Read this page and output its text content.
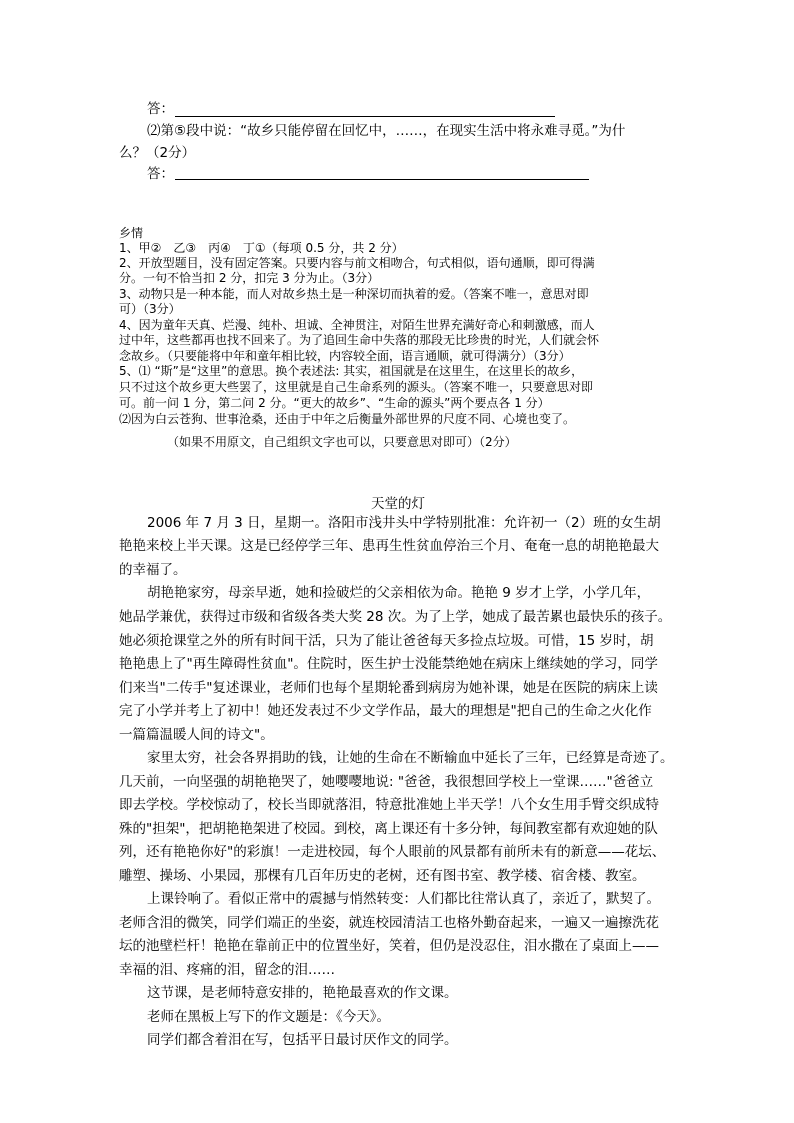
答：
⑵第⑤段中说：“故乡只能停留在回忆中，……，在现实生活中将永难寻觅。”为什
么？（2分）
答：
乡情
1、甲②　乙③　丙④　丁①（每项 0.5 分，共 2 分）
2、开放型题目，没有固定答案。只要内容与前文相吻合，句式相似，语句通顺，即可得满
分。一句不恰当扣 2 分，扣完 3 分为止。（3分）
3、动物只是一种本能，而人对故乡热土是一种深切而执着的爱。（答案不唯一，意思对即
可）（3分）
4、因为童年天真、烂漫、纯朴、坦诚、全神贯注，对陌生世界充满好奇心和刺激感，而人
过中年，这些都再也找不回来了。为了追回生命中失落的那段无比珍贵的时光，人们就会怀
念故乡。（只要能将中年和童年相比较，内容较全面，语言通顺，就可得满分）（3分）
5、⑴ “斯”是“这里”的意思。换个表述法: 其实，祖国就是在这里生，在这里长的故乡，
只不过这个故乡更大些罢了，这里就是自己生命系列的源头。（答案不唯一，只要意思对即
可。前一问 1 分，第二问 2 分。“更大的故乡”、“生命的源头”两个要点各 1 分）
⑵因为白云苍狗、世事沧桑，还由于中年之后衡量外部世界的尺度不同、心境也变了。
（如果不用原文，自己组织文字也可以，只要意思对即可）（2分）
天堂的灯
2006 年 7 月 3 日，星期一。洛阳市浅井头中学特别批准：允许初一（2）班的女生胡
艳艳来校上半天课。这是已经停学三年、患再生性贫血停治三个月、奄奄一息的胡艳艳最大
的幸福了。
胡艳艳家穷，母亲早逝，她和捡破烂的父亲相依为命。艳艳 9 岁才上学，小学几年，
她品学兼优，获得过市级和省级各类大奖 28 次。为了上学，她成了最苦累也最快乐的孩子。
她必须抢课堂之外的所有时间干活，只为了能让爸爸每天多捡点垃圾。可惜，15 岁时，胡
艳艳患上了"再生障碍性贫血"。住院时，医生护士没能禁绝她在病床上继续她的学习，同学
们来当"二传手"复述课业，老师们也每个星期轮番到病房为她补课，她是在医院的病床上读
完了小学并考上了初中！她还发表过不少文学作品，最大的理想是"把自己的生命之火化作
一篇篇温暖人间的诗文"。
家里太穷，社会各界捐助的钱，让她的生命在不断输血中延长了三年，已经算是奇迹了。
几天前，一向坚强的胡艳艳哭了，她嘤嘤地说: "爸爸，我很想回学校上一堂课……"爸爸立
即去学校。学校惊动了，校长当即就落泪，特意批准她上半天学！八个女生用手臂交织成特
殊的"担架"，把胡艳艳架进了校园。到校，离上课还有十多分钟，每间教室都有欢迎她的队
列，还有艳艳你好"的彩旗！一走进校园，每个人眼前的风景都有前所未有的新意——花坛、
雕塑、操场、小果园，那棵有几百年历史的老树，还有图书室、教学楼、宿舍楼、教室。
上课铃响了。看似正常中的震撼与悄然转变：人们都比往常认真了，亲近了，默契了。
老师含泪的微笑，同学们端正的坐姿，就连校园清洁工也格外勤奋起来，一遍又一遍擦洗花
坛的池壁栏杆！艳艳在靠前正中的位置坐好，笑着，但仍是没忍住，泪水撒在了桌面上——
幸福的泪、疼痛的泪，留念的泪……
这节课，是老师特意安排的，艳艳最喜欢的作文课。
老师在黑板上写下的作文题是：《今天》。
同学们都含着泪在写，包括平日最讨厌作文的同学。
